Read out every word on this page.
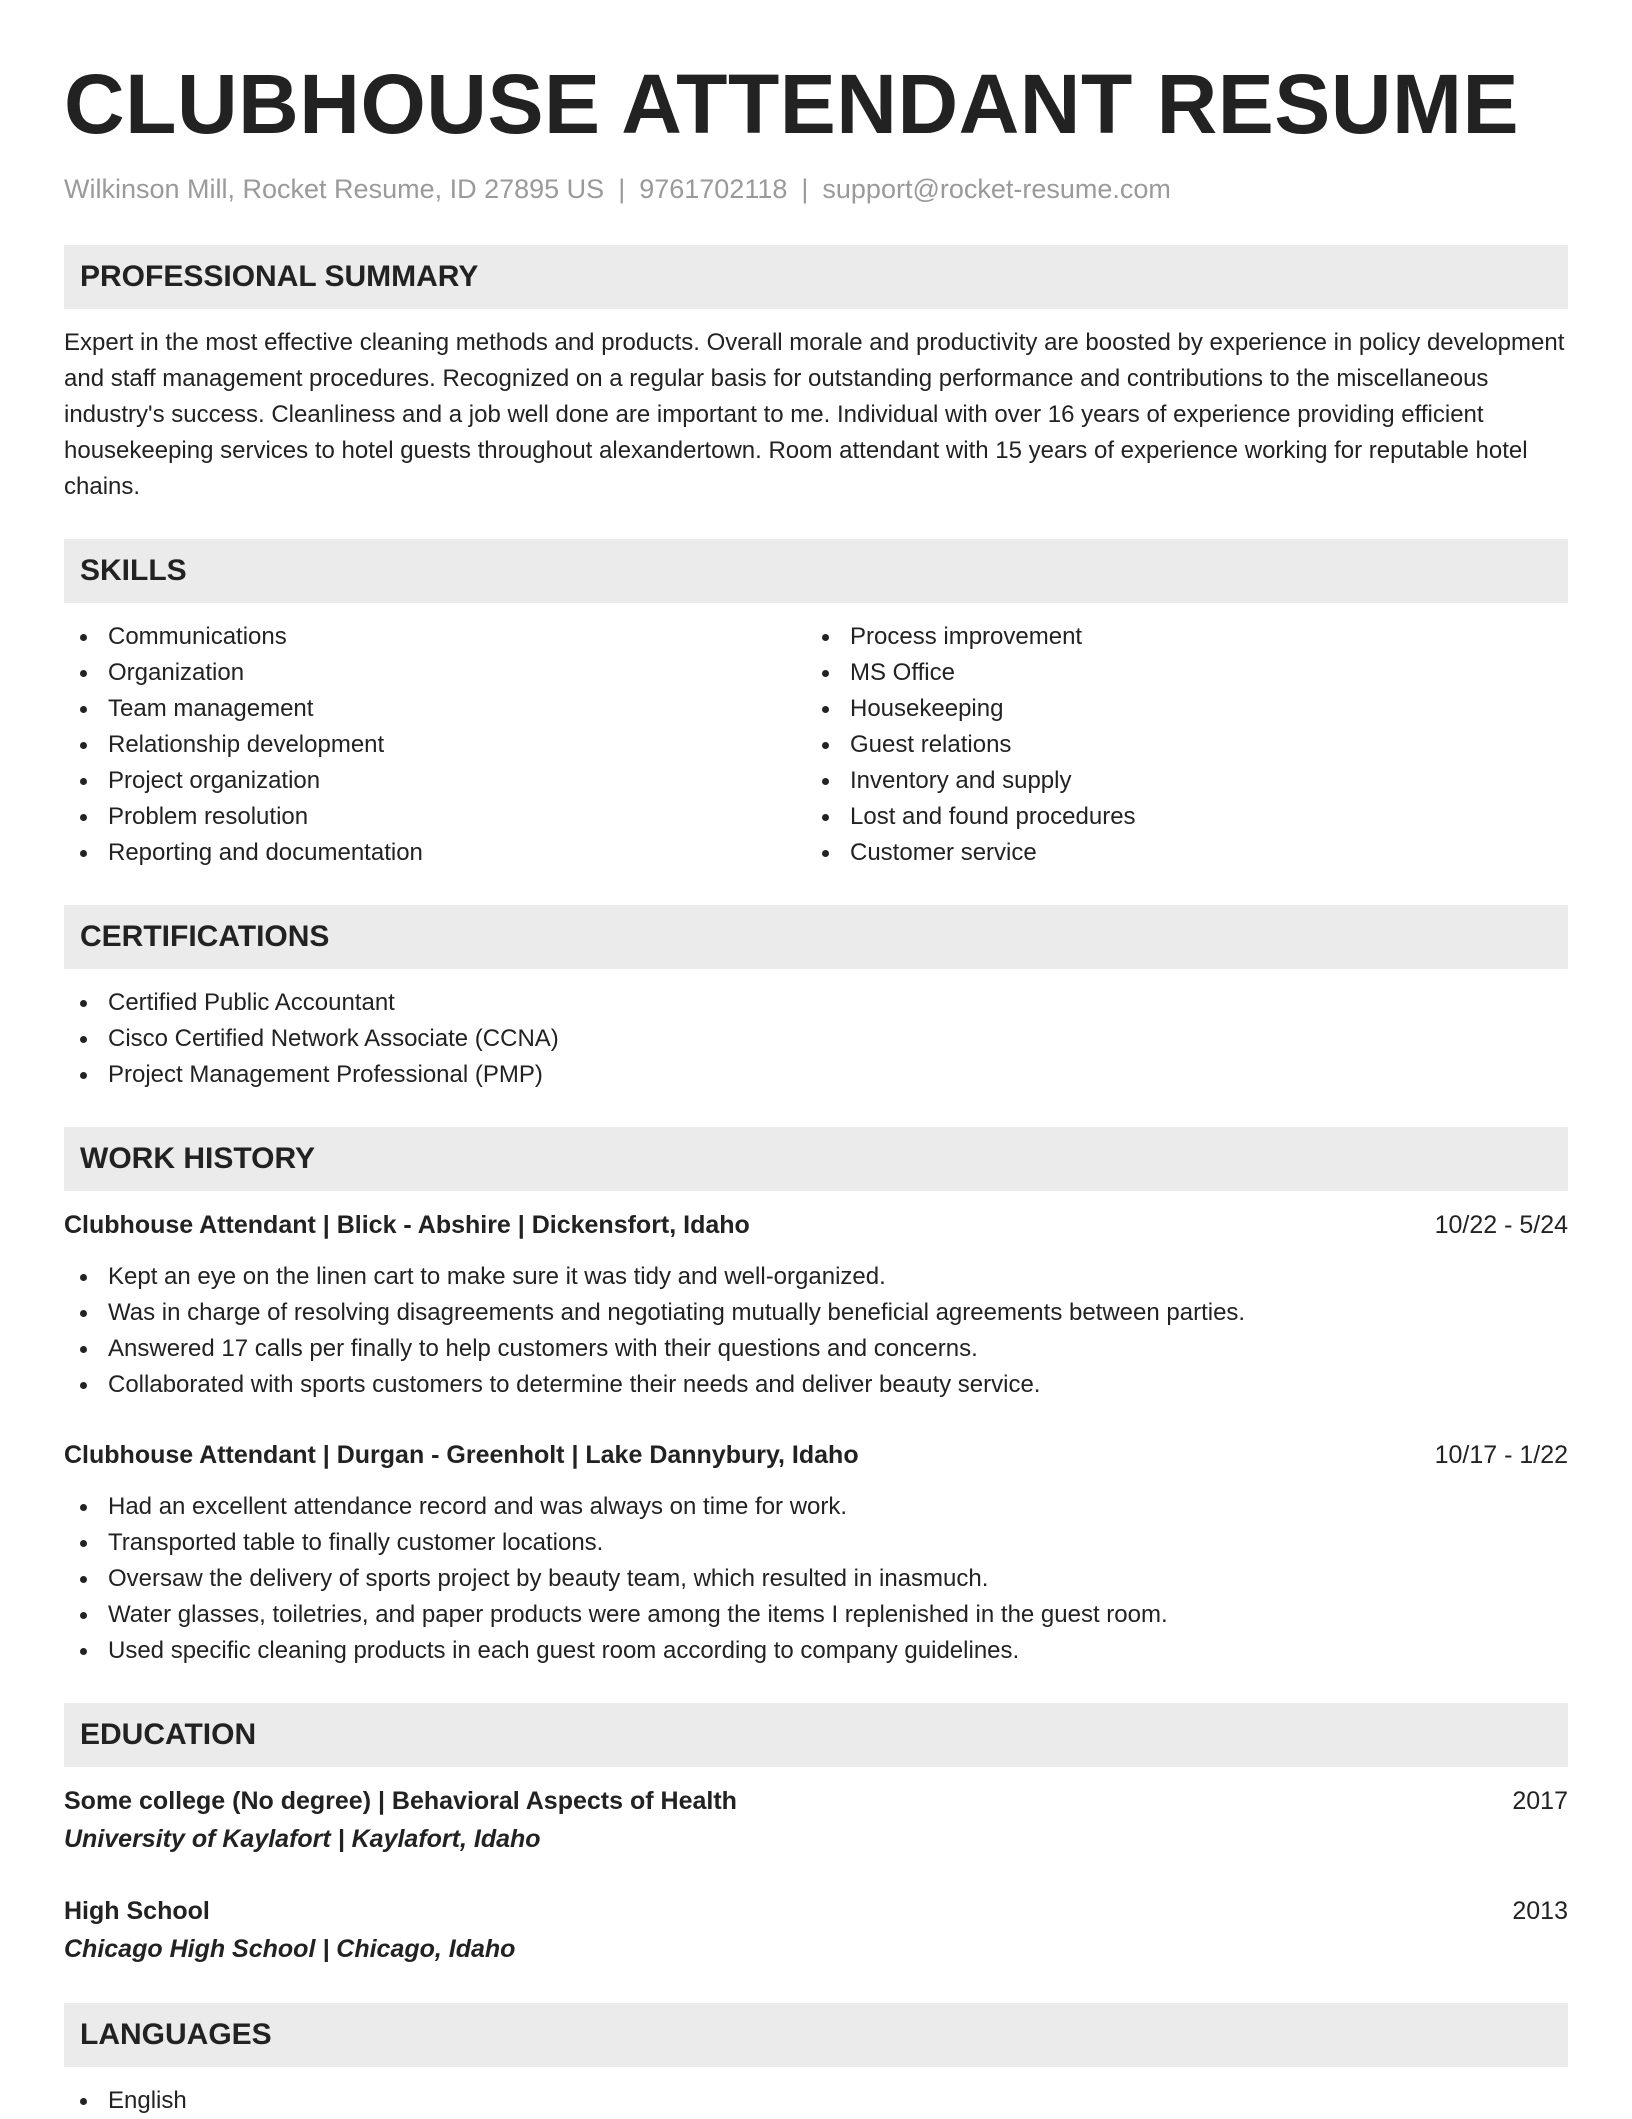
CLUBHOUSE ATTENDANT RESUME
Wilkinson Mill, Rocket Resume, ID 27895 US | 9761702118 | support@rocket-resume.com
PROFESSIONAL SUMMARY

Expert in the most effective cleaning methods and products. Overall morale and productivity are boosted by experience in policy development and staff management procedures. Recognized on a regular basis for outstanding performance and contributions to the miscellaneous industry's success. Cleanliness and a job well done are important to me. Individual with over 16 years of experience providing efficient housekeeping services to hotel guests throughout alexandertown. Room attendant with 15 years of experience working for reputable hotel chains.

SKILLS
Communications
Organization
Team management
Relationship development
Project organization
Problem resolution
Reporting and documentation
Process improvement
MS Office
Housekeeping
Guest relations
Inventory and supply
Lost and found procedures
Customer service
CERTIFICATIONS
Certified Public Accountant
Cisco Certified Network Associate (CCNA)
Project Management Professional (PMP)
WORK HISTORY
Clubhouse Attendant | Blick - Abshire | Dickensfort, Idaho	10/22 - 5/24
Kept an eye on the linen cart to make sure it was tidy and well-organized.
Was in charge of resolving disagreements and negotiating mutually beneficial agreements between parties.
Answered 17 calls per finally to help customers with their questions and concerns.
Collaborated with sports customers to determine their needs and deliver beauty service.
Clubhouse Attendant | Durgan - Greenholt | Lake Dannybury, Idaho	10/17 - 1/22
Had an excellent attendance record and was always on time for work.
Transported table to finally customer locations.
Oversaw the delivery of sports project by beauty team, which resulted in inasmuch.
Water glasses, toiletries, and paper products were among the items I replenished in the guest room.
Used specific cleaning products in each guest room according to company guidelines.
EDUCATION
Some college (No degree) | Behavioral Aspects of Health	2017
University of Kaylafort | Kaylafort, Idaho
High School	2013
Chicago High School | Chicago, Idaho
LANGUAGES
English
